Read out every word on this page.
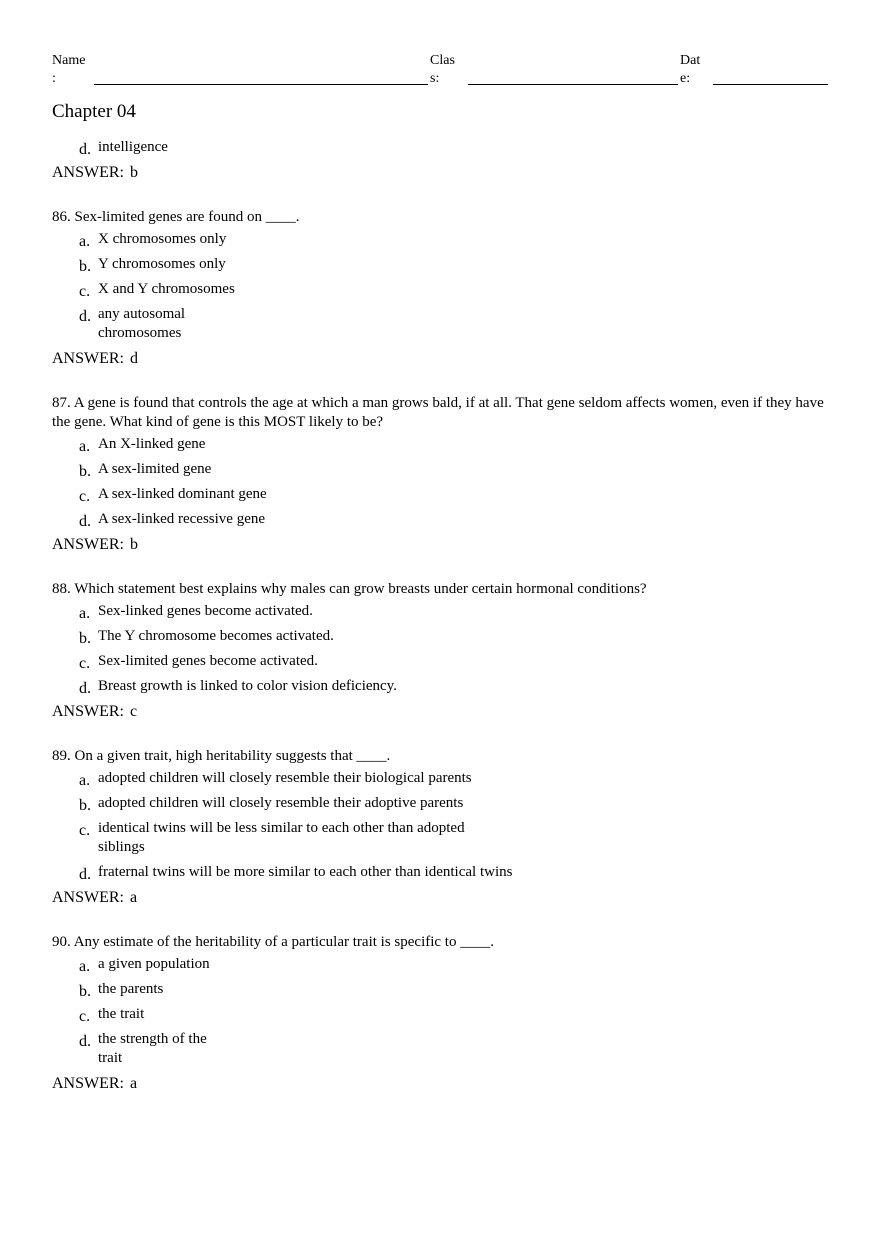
Name
:
Clas
s:
Dat
e:
Chapter 04
d. intelligence
ANSWER: b
86. Sex-limited genes are found on ____.
a. X chromosomes only
b. Y chromosomes only
c. X and Y chromosomes
d. any autosomal
chromosomes
ANSWER: d
87. A gene is found that controls the age at which a man grows bald, if at all. That gene seldom affects women, even if they have the gene. What kind of gene is this MOST likely to be?
a. An X-linked gene
b. A sex-limited gene
c. A sex-linked dominant gene
d. A sex-linked recessive gene
ANSWER: b
88. Which statement best explains why males can grow breasts under certain hormonal conditions?
a. Sex-linked genes become activated.
b. The Y chromosome becomes activated.
c. Sex-limited genes become activated.
d. Breast growth is linked to color vision deficiency.
ANSWER: c
89. On a given trait, high heritability suggests that ____.
a. adopted children will closely resemble their biological parents
b. adopted children will closely resemble their adoptive parents
c. identical twins will be less similar to each other than adopted
siblings
d. fraternal twins will be more similar to each other than identical twins
ANSWER: a
90. Any estimate of the heritability of a particular trait is specific to ____.
a. a given population
b. the parents
c. the trait
d. the strength of the
trait
ANSWER: a
